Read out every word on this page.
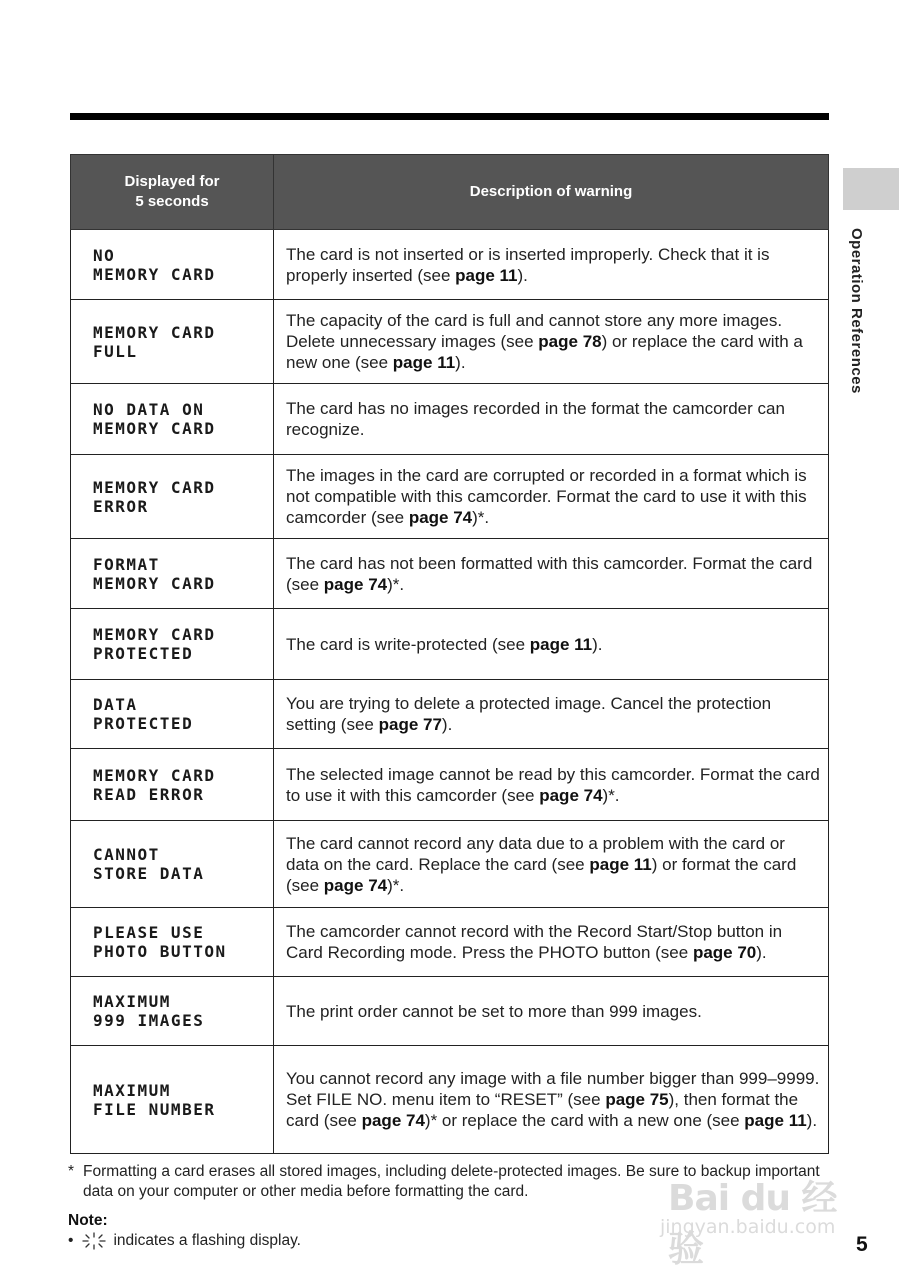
Operation References
Displayed for
5 seconds	Description of warning

NO
MEMORY CARD	The card is not inserted or is inserted improperly. Check that it is properly inserted (see page 11).

MEMORY CARD
FULL	The capacity of the card is full and cannot store any more images. Delete unnecessary images (see page 78) or replace the card with a new one (see page 11).

NO DATA ON
MEMORY CARD	The card has no images recorded in the format the camcorder can recognize.

MEMORY CARD
ERROR	The images in the card are corrupted or recorded in a format which is not compatible with this camcorder. Format the card to use it with this camcorder (see page 74)*.

FORMAT
MEMORY CARD	The card has not been formatted with this camcorder. Format the card (see page 74)*.

MEMORY CARD
PROTECTED	The card is write-protected (see page 11).

DATA
PROTECTED	You are trying to delete a protected image. Cancel the protection setting (see page 77).

MEMORY CARD
READ ERROR	The selected image cannot be read by this camcorder. Format the card to use it with this camcorder (see page 74)*.

CANNOT
STORE DATA	The card cannot record any data due to a problem with the card or data on the card. Replace the card (see page 11) or format the card (see page 74)*.

PLEASE USE
PHOTO BUTTON	The camcorder cannot record with the Record Start/Stop button in Card Recording mode. Press the PHOTO button (see page 70).

MAXIMUM
999 IMAGES	The print order cannot be set to more than 999 images.

MAXIMUM
FILE NUMBER	You cannot record any image with a file number bigger than 999–9999. Set FILE NO. menu item to “RESET” (see page 75), then format the card (see page 74)* or replace the card with a new one (see page 11).
* Formatting a card erases all stored images, including delete-protected images. Be sure to backup important data on your computer or other media before formatting the card.
Note:
•	indicates a flashing display.	5
Bai du 经验
jingyan.baidu.com
